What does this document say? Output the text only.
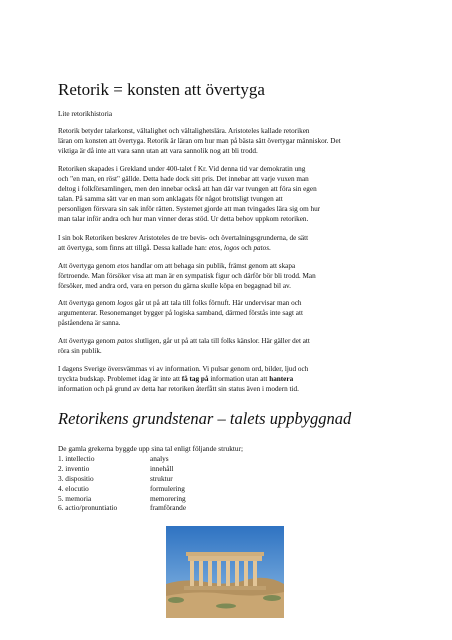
Retorik = konsten att övertyga
Lite retorikhistoria

Retorik betyder talarkonst, vältalighet och vältalighetslära. Aristoteles kallade retoriken

läran om konsten att övertyga. Retorik är läran om hur man på bästa sätt övertygar människor. Det

viktiga är då inte att vara sann utan att vara sannolik nog att bli trodd.

Retoriken skapades i Grekland under 400-talet f Kr. Vid denna tid var demokratin ung

och "en man, en röst" gällde. Detta hade dock sitt pris. Det innebar att varje vuxen man

deltog i folkförsamlingen, men den innebar också att han där var tvungen att föra sin egen

talan. På samma sätt var en man som anklagats för något brottsligt tvungen att

personligen försvara sin sak inför rätten. Systemet gjorde att man tvingades lära sig om hur

man talar inför andra och hur man vinner deras stöd. Ur detta behov uppkom retoriken.

I sin bok Retoriken beskrev Aristoteles de tre bevis- och övertalningsgrunderna, de sätt

att övertyga, som finns att tillgå. Dessa kallade han: etos, logos och patos.

Att övertyga genom etos handlar om att behaga sin publik, främst genom att skapa

förtroende. Man försöker visa att man är en sympatisk figur och därför bör bli trodd. Man

försöker, med andra ord, vara en person du gärna skulle köpa en begagnad bil av.

Att övertyga genom logos går ut på att tala till folks förnuft. Här undervisar man och

argumenterar. Resonemanget bygger på logiska samband, därmed förstås inte sagt att

påståendena är sanna.

Att övertyga genom patos slutligen, går ut på att tala till folks känslor. Här gäller det att

röra sin publik.

I dagens Sverige översvämmas vi av information. Vi pulsar genom ord, bilder, ljud och

tryckta budskap. Problemet idag är inte att få tag på information utan att hantera

information och på grund av detta har retoriken återfått sin status även i modern tid.

Retorikens grundstenar – talets uppbyggnad
De gamla grekerna byggde upp sina tal enligt följande struktur;
1. intellectio	analys
2. inventio	innehåll
3. dispositio	struktur
4. elocutio	formulering
5. memoria	memorering
6. actio/pronuntiatio	framförande
